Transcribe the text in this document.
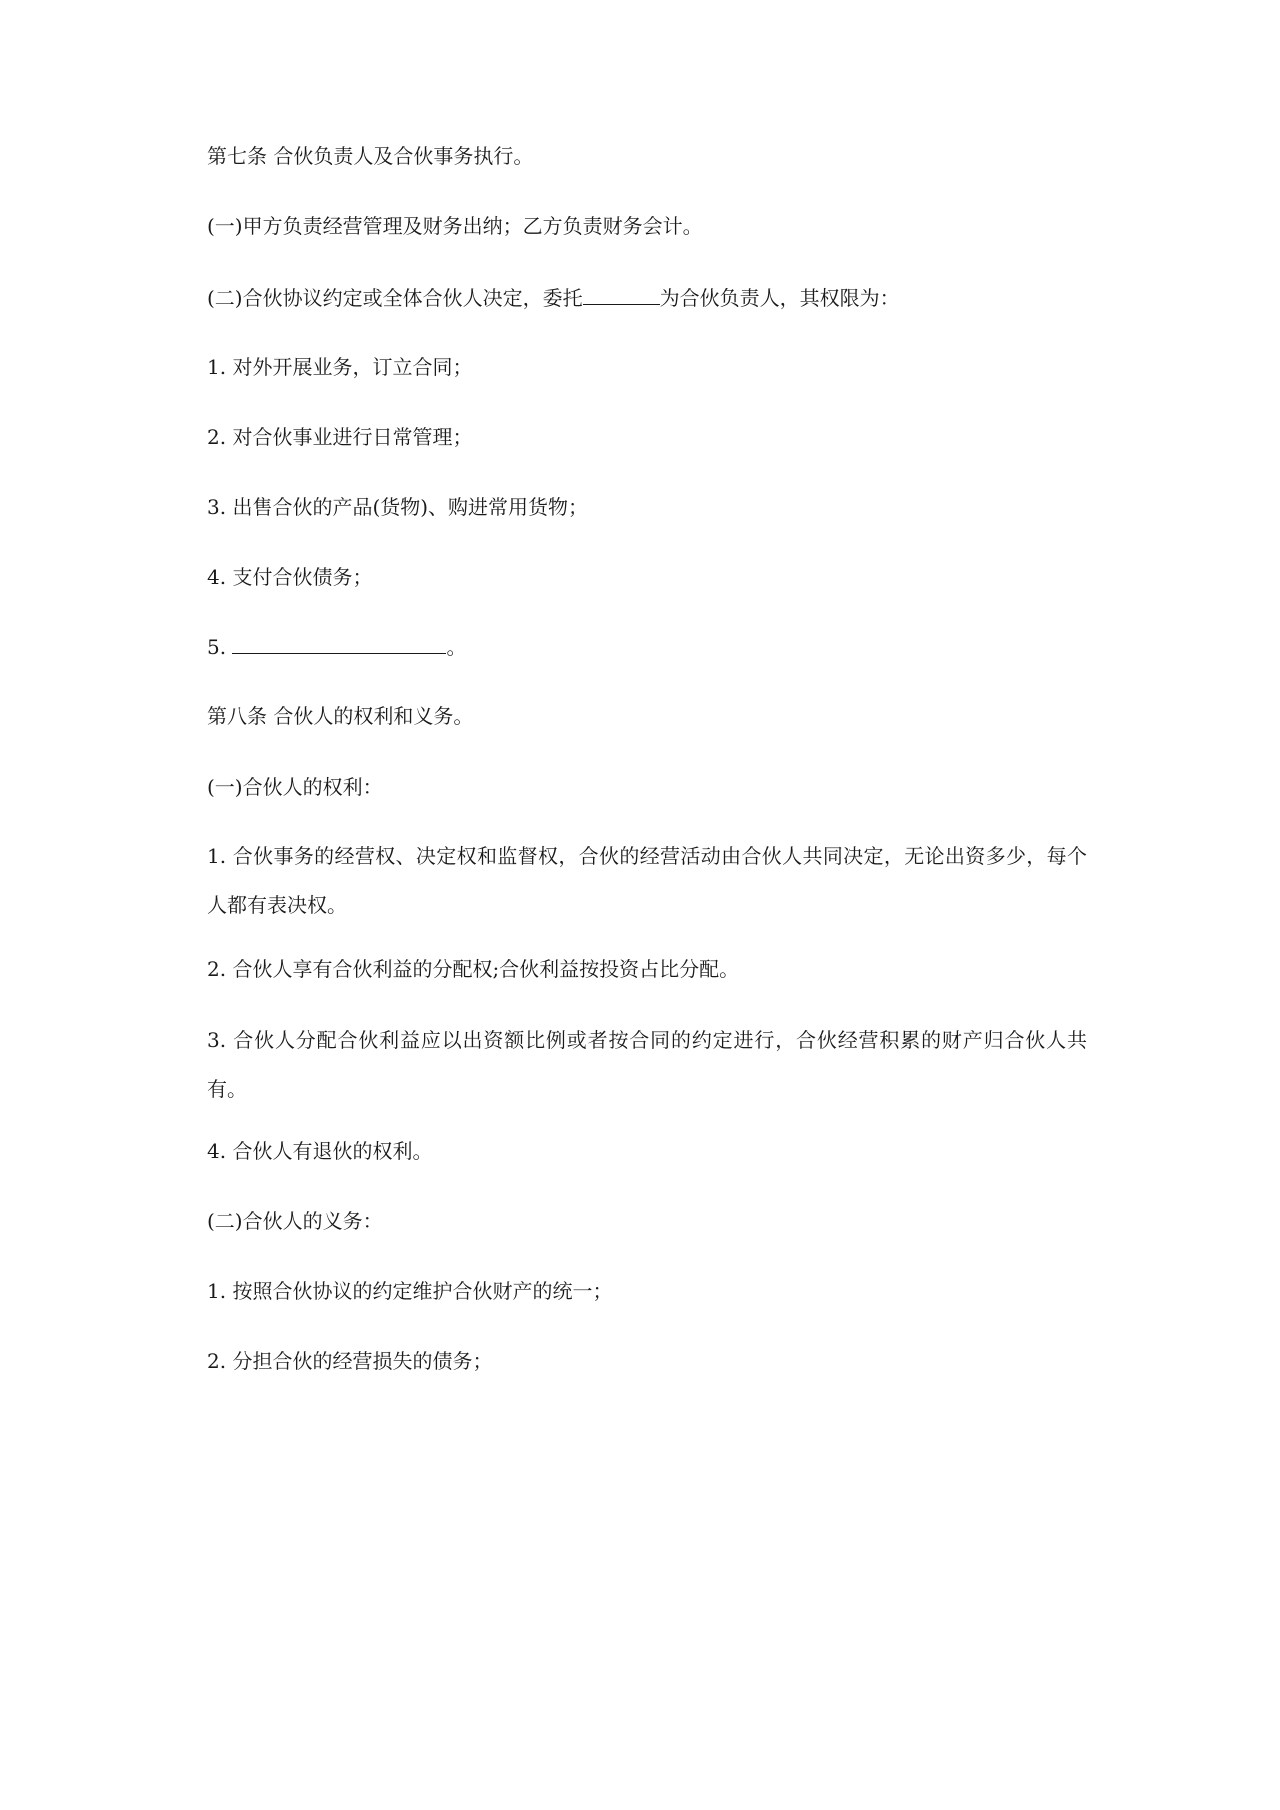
第七条 合伙负责人及合伙事务执行。

(一)甲方负责经营管理及财务出纳；乙方负责财务会计。

(二)合伙协议约定或全体合伙人决定，委托	为合伙负责人，其权限为：

1. 对外开展业务，订立合同；

2. 对合伙事业进行日常管理；

3. 出售合伙的产品(货物)、购进常用货物；

4. 支付合伙债务；

5.	。

第八条 合伙人的权利和义务。

(一)合伙人的权利：

1. 合伙事务的经营权、决定权和监督权，合伙的经营活动由合伙人共同决定，无论出资多少，每个人都有表决权。

2. 合伙人享有合伙利益的分配权;合伙利益按投资占比分配。

3. 合伙人分配合伙利益应以出资额比例或者按合同的约定进行，合伙经营积累的财产归合伙人共有。

4. 合伙人有退伙的权利。

(二)合伙人的义务：

1. 按照合伙协议的约定维护合伙财产的统一；

2. 分担合伙的经营损失的债务；
